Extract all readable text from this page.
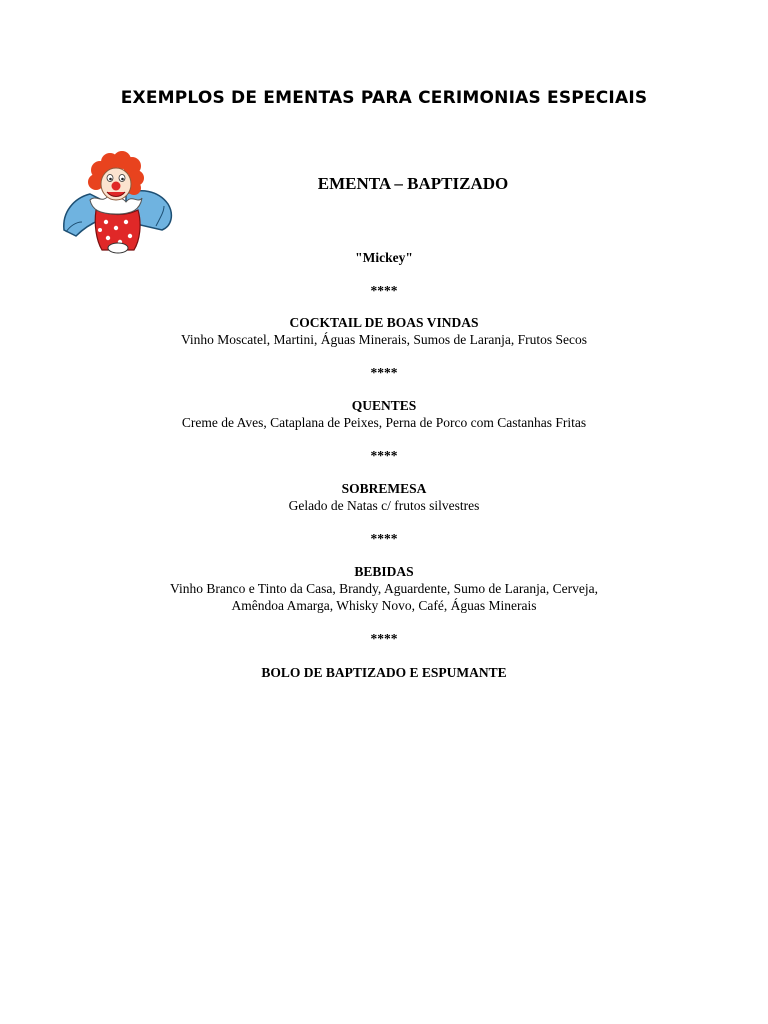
EXEMPLOS DE EMENTAS PARA CERIMONIAS ESPECIAIS
EMENTA – BAPTIZADO
"Mickey"
****
COCKTAIL DE BOAS VINDAS
Vinho Moscatel, Martini, Águas Minerais, Sumos de Laranja, Frutos Secos
****
QUENTES
Creme de Aves, Cataplana de Peixes, Perna de Porco com Castanhas Fritas
****
SOBREMESA
Gelado de Natas c/ frutos silvestres
****
BEBIDAS
Vinho Branco e Tinto da Casa, Brandy, Aguardente, Sumo de Laranja, Cerveja,
Amêndoa Amarga, Whisky Novo, Café, Águas Minerais
****
BOLO DE BAPTIZADO E ESPUMANTE
